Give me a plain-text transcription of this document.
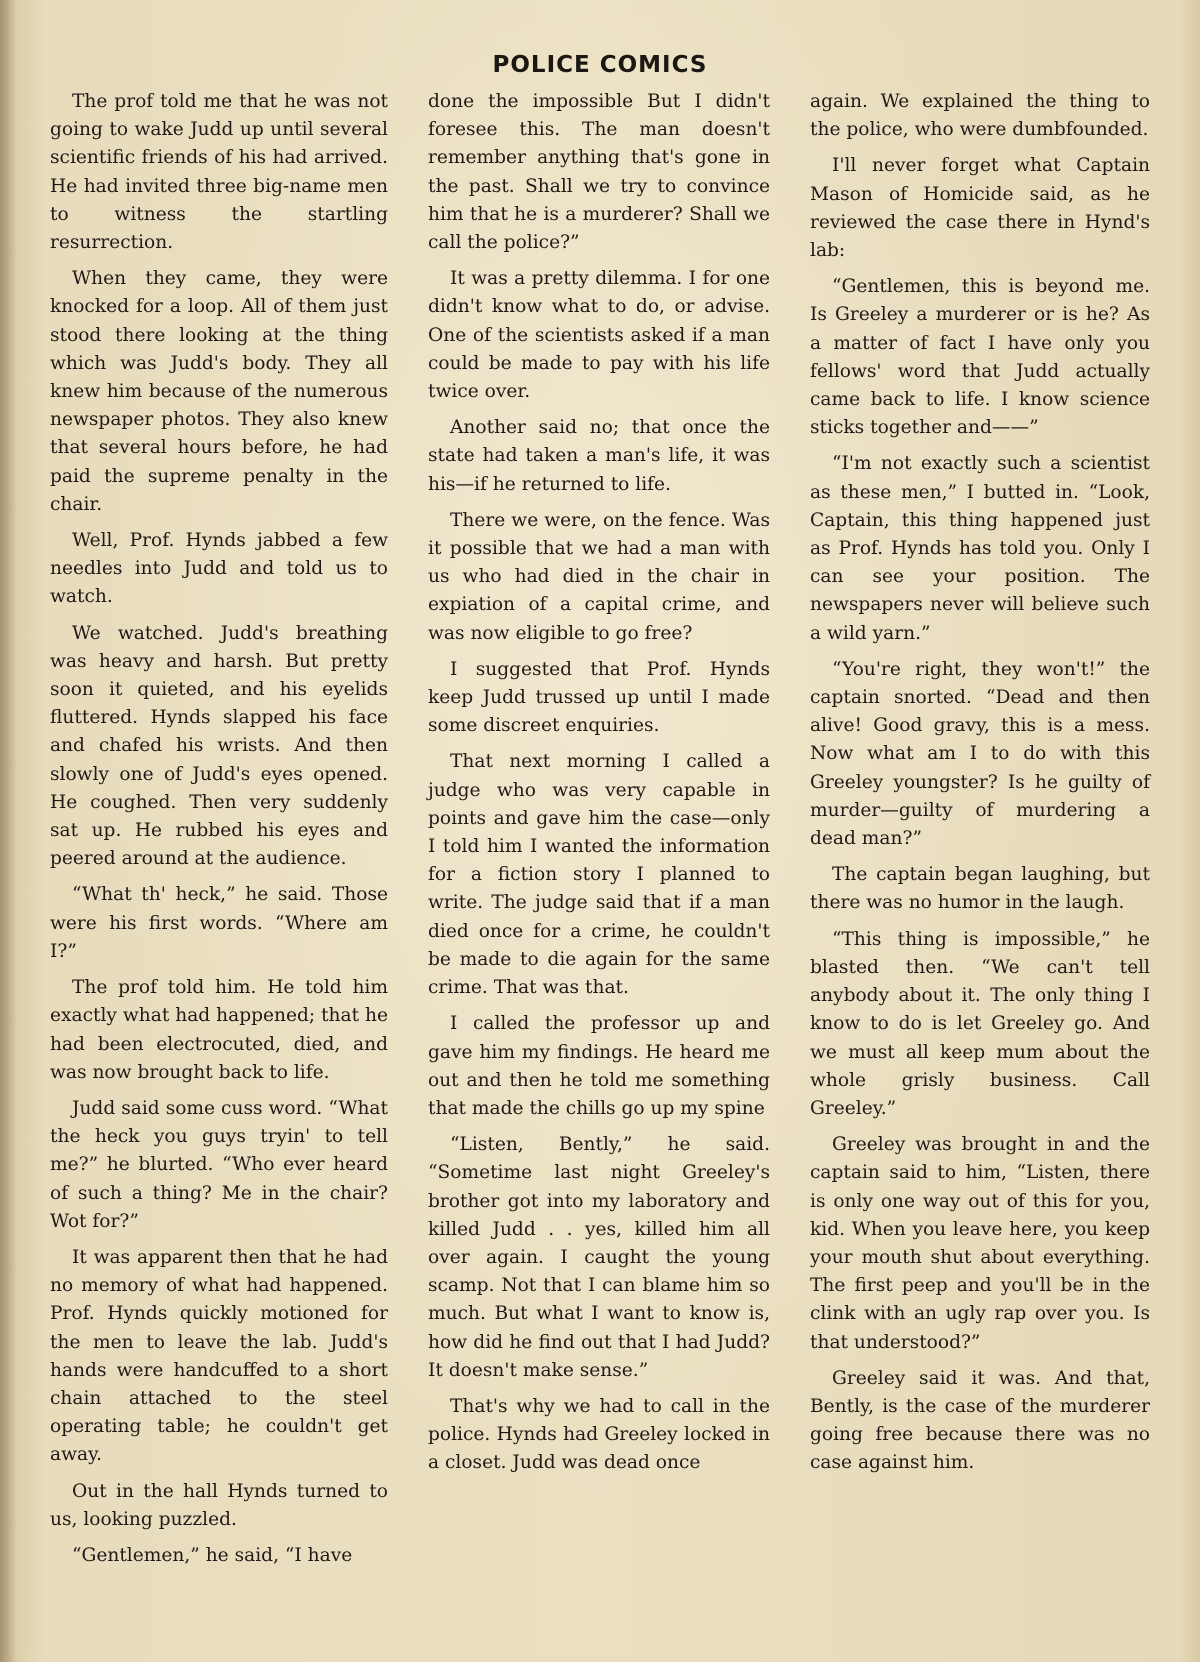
POLICE COMICS

The prof told me that he was not going to wake Judd up until several scientific friends of his had arrived. He had invited three big-name men to witness the startling resurrection.

When they came, they were knocked for a loop. All of them just stood there looking at the thing which was Judd's body. They all knew him because of the numerous newspaper photos. They also knew that several hours before, he had paid the supreme penalty in the chair.

Well, Prof. Hynds jabbed a few needles into Judd and told us to watch.

We watched. Judd's breathing was heavy and harsh. But pretty soon it quieted, and his eyelids fluttered. Hynds slapped his face and chafed his wrists. And then slowly one of Judd's eyes opened. He coughed. Then very suddenly sat up. He rubbed his eyes and peered around at the audience.

“What th' heck,” he said. Those were his first words. “Where am I?”

The prof told him. He told him exactly what had happened; that he had been electrocuted, died, and was now brought back to life.

Judd said some cuss word. “What the heck you guys tryin' to tell me?” he blurted. “Who ever heard of such a thing? Me in the chair? Wot for?”

It was apparent then that he had no memory of what had happened. Prof. Hynds quickly motioned for the men to leave the lab. Judd's hands were handcuffed to a short chain attached to the steel operating table; he couldn't get away.

Out in the hall Hynds turned to us, looking puzzled.

“Gentlemen,” he said, “I have

done the impossible But I didn't foresee this. The man doesn't remember anything that's gone in the past. Shall we try to convince him that he is a murderer? Shall we call the police?”

It was a pretty dilemma. I for one didn't know what to do, or advise. One of the scientists asked if a man could be made to pay with his life twice over.

Another said no; that once the state had taken a man's life, it was his—if he returned to life.

There we were, on the fence. Was it possible that we had a man with us who had died in the chair in expiation of a capital crime, and was now eligible to go free?

I suggested that Prof. Hynds keep Judd trussed up until I made some discreet enquiries.

That next morning I called a judge who was very capable in points and gave him the case—only I told him I wanted the information for a fiction story I planned to write. The judge said that if a man died once for a crime, he couldn't be made to die again for the same crime. That was that.

I called the professor up and gave him my findings. He heard me out and then he told me something that made the chills go up my spine

“Listen, Bently,” he said. “Sometime last night Greeley's brother got into my laboratory and killed Judd . . yes, killed him all over again. I caught the young scamp. Not that I can blame him so much. But what I want to know is, how did he find out that I had Judd? It doesn't make sense.”

That's why we had to call in the police. Hynds had Greeley locked in a closet. Judd was dead once

again. We explained the thing to the police, who were dumbfounded.

I'll never forget what Captain Mason of Homicide said, as he reviewed the case there in Hynd's lab:

“Gentlemen, this is beyond me. Is Greeley a murderer or is he? As a matter of fact I have only you fellows' word that Judd actually came back to life. I know science sticks together and——”

“I'm not exactly such a scientist as these men,” I butted in. “Look, Captain, this thing happened just as Prof. Hynds has told you. Only I can see your position. The newspapers never will believe such a wild yarn.”

“You're right, they won't!” the captain snorted. “Dead and then alive! Good gravy, this is a mess. Now what am I to do with this Greeley youngster? Is he guilty of murder—guilty of murdering a dead man?”

The captain began laughing, but there was no humor in the laugh.

“This thing is impossible,” he blasted then. “We can't tell anybody about it. The only thing I know to do is let Greeley go. And we must all keep mum about the whole grisly business. Call Greeley.”

Greeley was brought in and the captain said to him, “Listen, there is only one way out of this for you, kid. When you leave here, you keep your mouth shut about everything. The first peep and you'll be in the clink with an ugly rap over you. Is that understood?”

Greeley said it was. And that, Bently, is the case of the murderer going free because there was no case against him.
